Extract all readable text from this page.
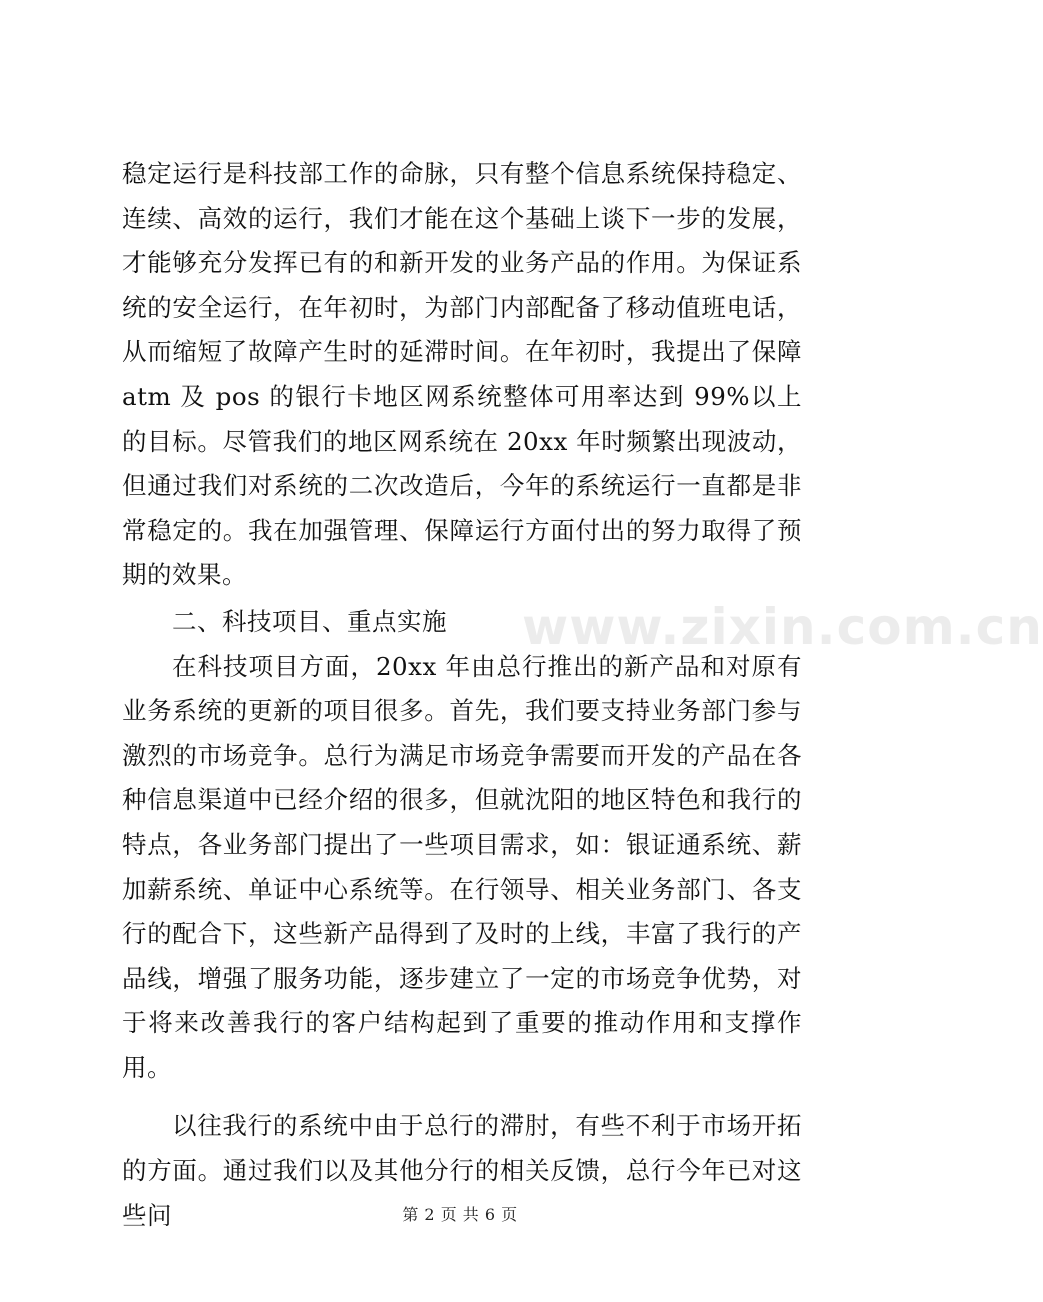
稳定运行是科技部工作的命脉，只有整个信息系统保持稳定、连续、高效的运行，我们才能在这个基础上谈下一步的发展，才能够充分发挥已有的和新开发的业务产品的作用。为保证系统的安全运行，在年初时，为部门内部配备了移动值班电话，从而缩短了故障产生时的延滞时间。在年初时，我提出了保障 atm 及 pos 的银行卡地区网系统整体可用率达到 99%以上的目标。尽管我们的地区网系统在 20xx 年时频繁出现波动，但通过我们对系统的二次改造后，今年的系统运行一直都是非常稳定的。我在加强管理、保障运行方面付出的努力取得了预期的效果。

二、科技项目、重点实施

在科技项目方面，20xx 年由总行推出的新产品和对原有业务系统的更新的项目很多。首先，我们要支持业务部门参与激烈的市场竞争。总行为满足市场竞争需要而开发的产品在各种信息渠道中已经介绍的很多，但就沈阳的地区特色和我行的特点，各业务部门提出了一些项目需求，如：银证通系统、薪加薪系统、单证中心系统等。在行领导、相关业务部门、各支行的配合下，这些新产品得到了及时的上线，丰富了我行的产品线，增强了服务功能，逐步建立了一定的市场竞争优势，对于将来改善我行的客户结构起到了重要的推动作用和支撑作用。

以往我行的系统中由于总行的滞肘，有些不利于市场开拓的方面。通过我们以及其他分行的相关反馈，总行今年已对这些问

www.zixin.com.cn
第 2 页 共 6 页
